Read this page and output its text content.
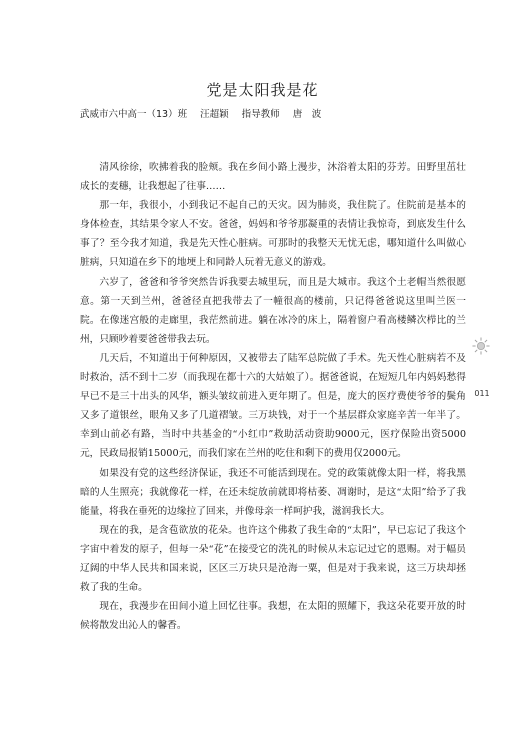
党是太阳我是花
武威市六中高一（13）班 汪超颖 指导教师 唐　波

清风徐徐，吹拂着我的脸颊。我在乡间小路上漫步，沐浴着太阳的芬芳。田野里茁壮成长的麦穗，让我想起了往事……

那一年，我很小，小到我记不起自己的天灾。因为肺炎，我住院了。住院前是基本的身体检查，其结果令家人不安。爸爸，妈妈和爷爷那凝重的表情让我惊奇，到底发生什么事了？至今我才知道，我是先天性心脏病。可那时的我整天无忧无虑，哪知道什么叫做心脏病，只知道在乡下的地埂上和同龄人玩着无意义的游戏。

六岁了，爸爸和爷爷突然告诉我要去城里玩，而且是大城市。我这个土老帽当然很愿意。第一天到兰州，爸爸径直把我带去了一幢很高的楼前，只记得爸爸说这里叫兰医一院。在像迷宫般的走廊里，我茫然前进。躺在冰冷的床上，隔着窗户看高楼鳞次栉比的兰州，只顾吵着要爸爸带我去玩。

几天后，不知道出于何种原因，又被带去了陆军总院做了手术。先天性心脏病若不及时救治，活不到十二岁（而我现在都十六的大姑娘了）。据爸爸说，在短短几年内妈妈愁得早已不是三十出头的风华，额头皱纹前进入更年期了。但是，庞大的医疗费使爷爷的鬓角又多了道银丝，眼角又多了几道褶皱。三万块钱，对于一个基层群众家庭辛苦一年半了。幸到山前必有路，当时中共基金的“小红巾”救助活动资助9000元，医疗保险出资5000元，民政局报销15000元，而我们家在兰州的吃住和剩下的费用仅2000元。

如果没有党的这些经济保证，我还不可能活到现在。党的政策就像太阳一样，将我黑暗的人生照亮；我就像花一样，在还未绽放前就即将枯萎、凋谢时，是这“太阳”给予了我能量，将我在垂死的边缘拉了回来，并像母亲一样呵护我，滋润我长大。

现在的我，是含苞欲放的花朵。也许这个佛救了我生命的“太阳”，早已忘记了我这个字宙中着发的原子，但每一朵“花”在接受它的洗礼的时候从未忘记过它的恩赐。对于幅员辽阔的中华人民共和国来说，区区三万块只是沧海一粟，但是对于我来说，这三万块却拯救了我的生命。

现在，我漫步在田间小道上回忆往事。我想，在太阳的照耀下，我这朵花要开放的时候将散发出沁人的馨香。

011
